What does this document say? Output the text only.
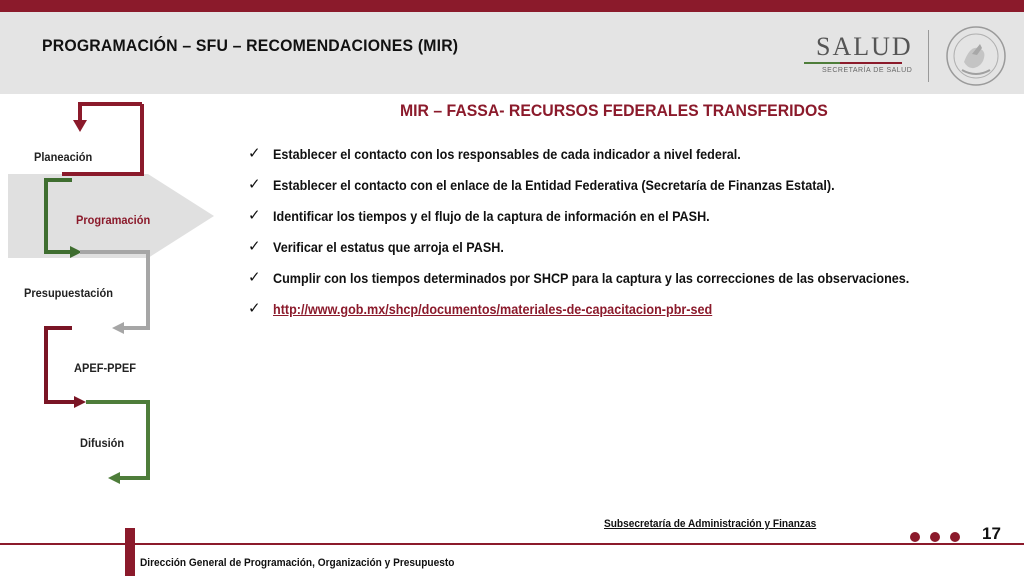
PROGRAMACIÓN – SFU – RECOMENDACIONES (MIR)	SALUD
SECRETARÍA DE SALUD
MIR – FASSA- RECURSOS FEDERALES TRANSFERIDOS
✓ Establecer el contacto con los responsables de cada indicador a nivel federal.
✓ Establecer el contacto con el enlace de la Entidad Federativa (Secretaría de Finanzas Estatal).
✓ Identificar los tiempos y el flujo de la captura de información en el PASH.
✓ Verificar el estatus que arroja el PASH.
✓ Cumplir con los tiempos determinados por SHCP para la captura y las correcciones de las observaciones.
✓ http://www.gob.mx/shcp/documentos/materiales-de-capacitacion-pbr-sed
Planeación
Programación
Presupuestación
APEF-PPEF
Difusión
Subsecretaría de Administración y Finanzas	17
Dirección General de Programación, Organización y Presupuesto
